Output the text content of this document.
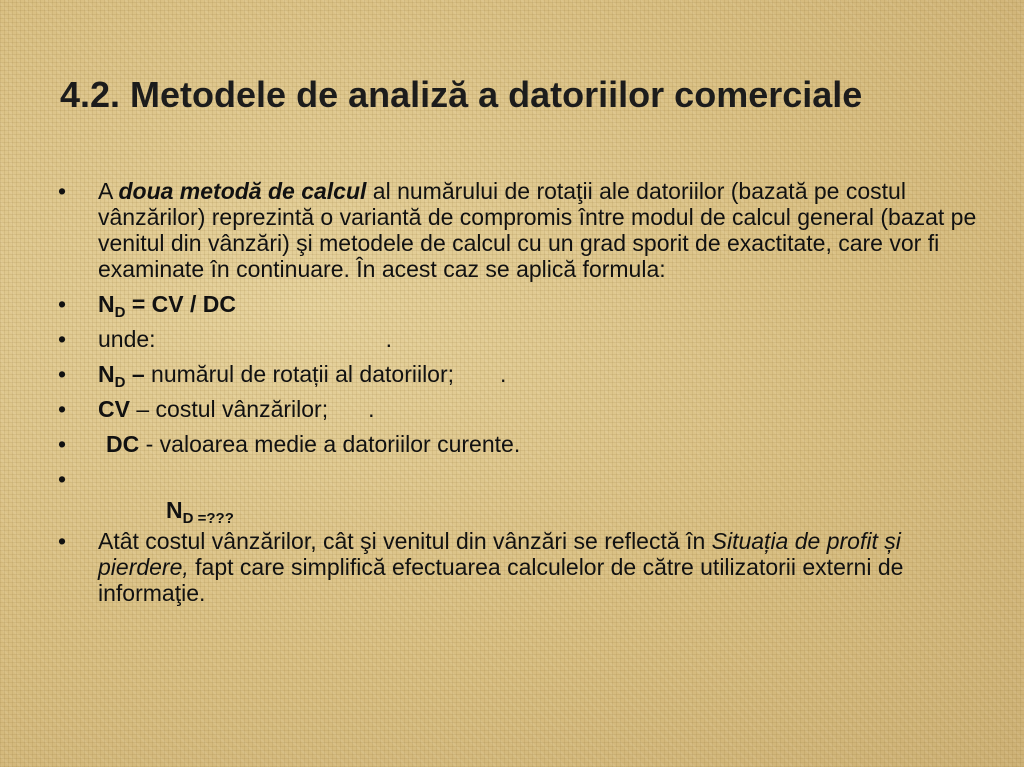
4.2. Metodele de analiză a datoriilor comerciale
•	A doua metodă de calcul al numărului de rotaţii ale datoriilor (bazată pe costul vânzărilor) reprezintă o variantă de compromis între modul de calcul general (bazat pe venitul din vânzări) şi metodele de calcul cu un grad sporit de exactitate, care vor fi examinate în continuare. În acest caz se aplică formula:
•	$N_D$ = CV / DC
•	unde:	.
•	$N_D$ – numărul de rotații al datoriilor; .
•	CV – costul vânzărilor; .
•	DC - valoarea medie a datoriilor curente.
•
$N_{D =???}$
•	Atât costul vânzărilor, cât şi venitul din vânzări se reflectă în Situația de profit și pierdere, fapt care simplifică efectuarea calculelor de către utilizatorii externi de informaţie.
